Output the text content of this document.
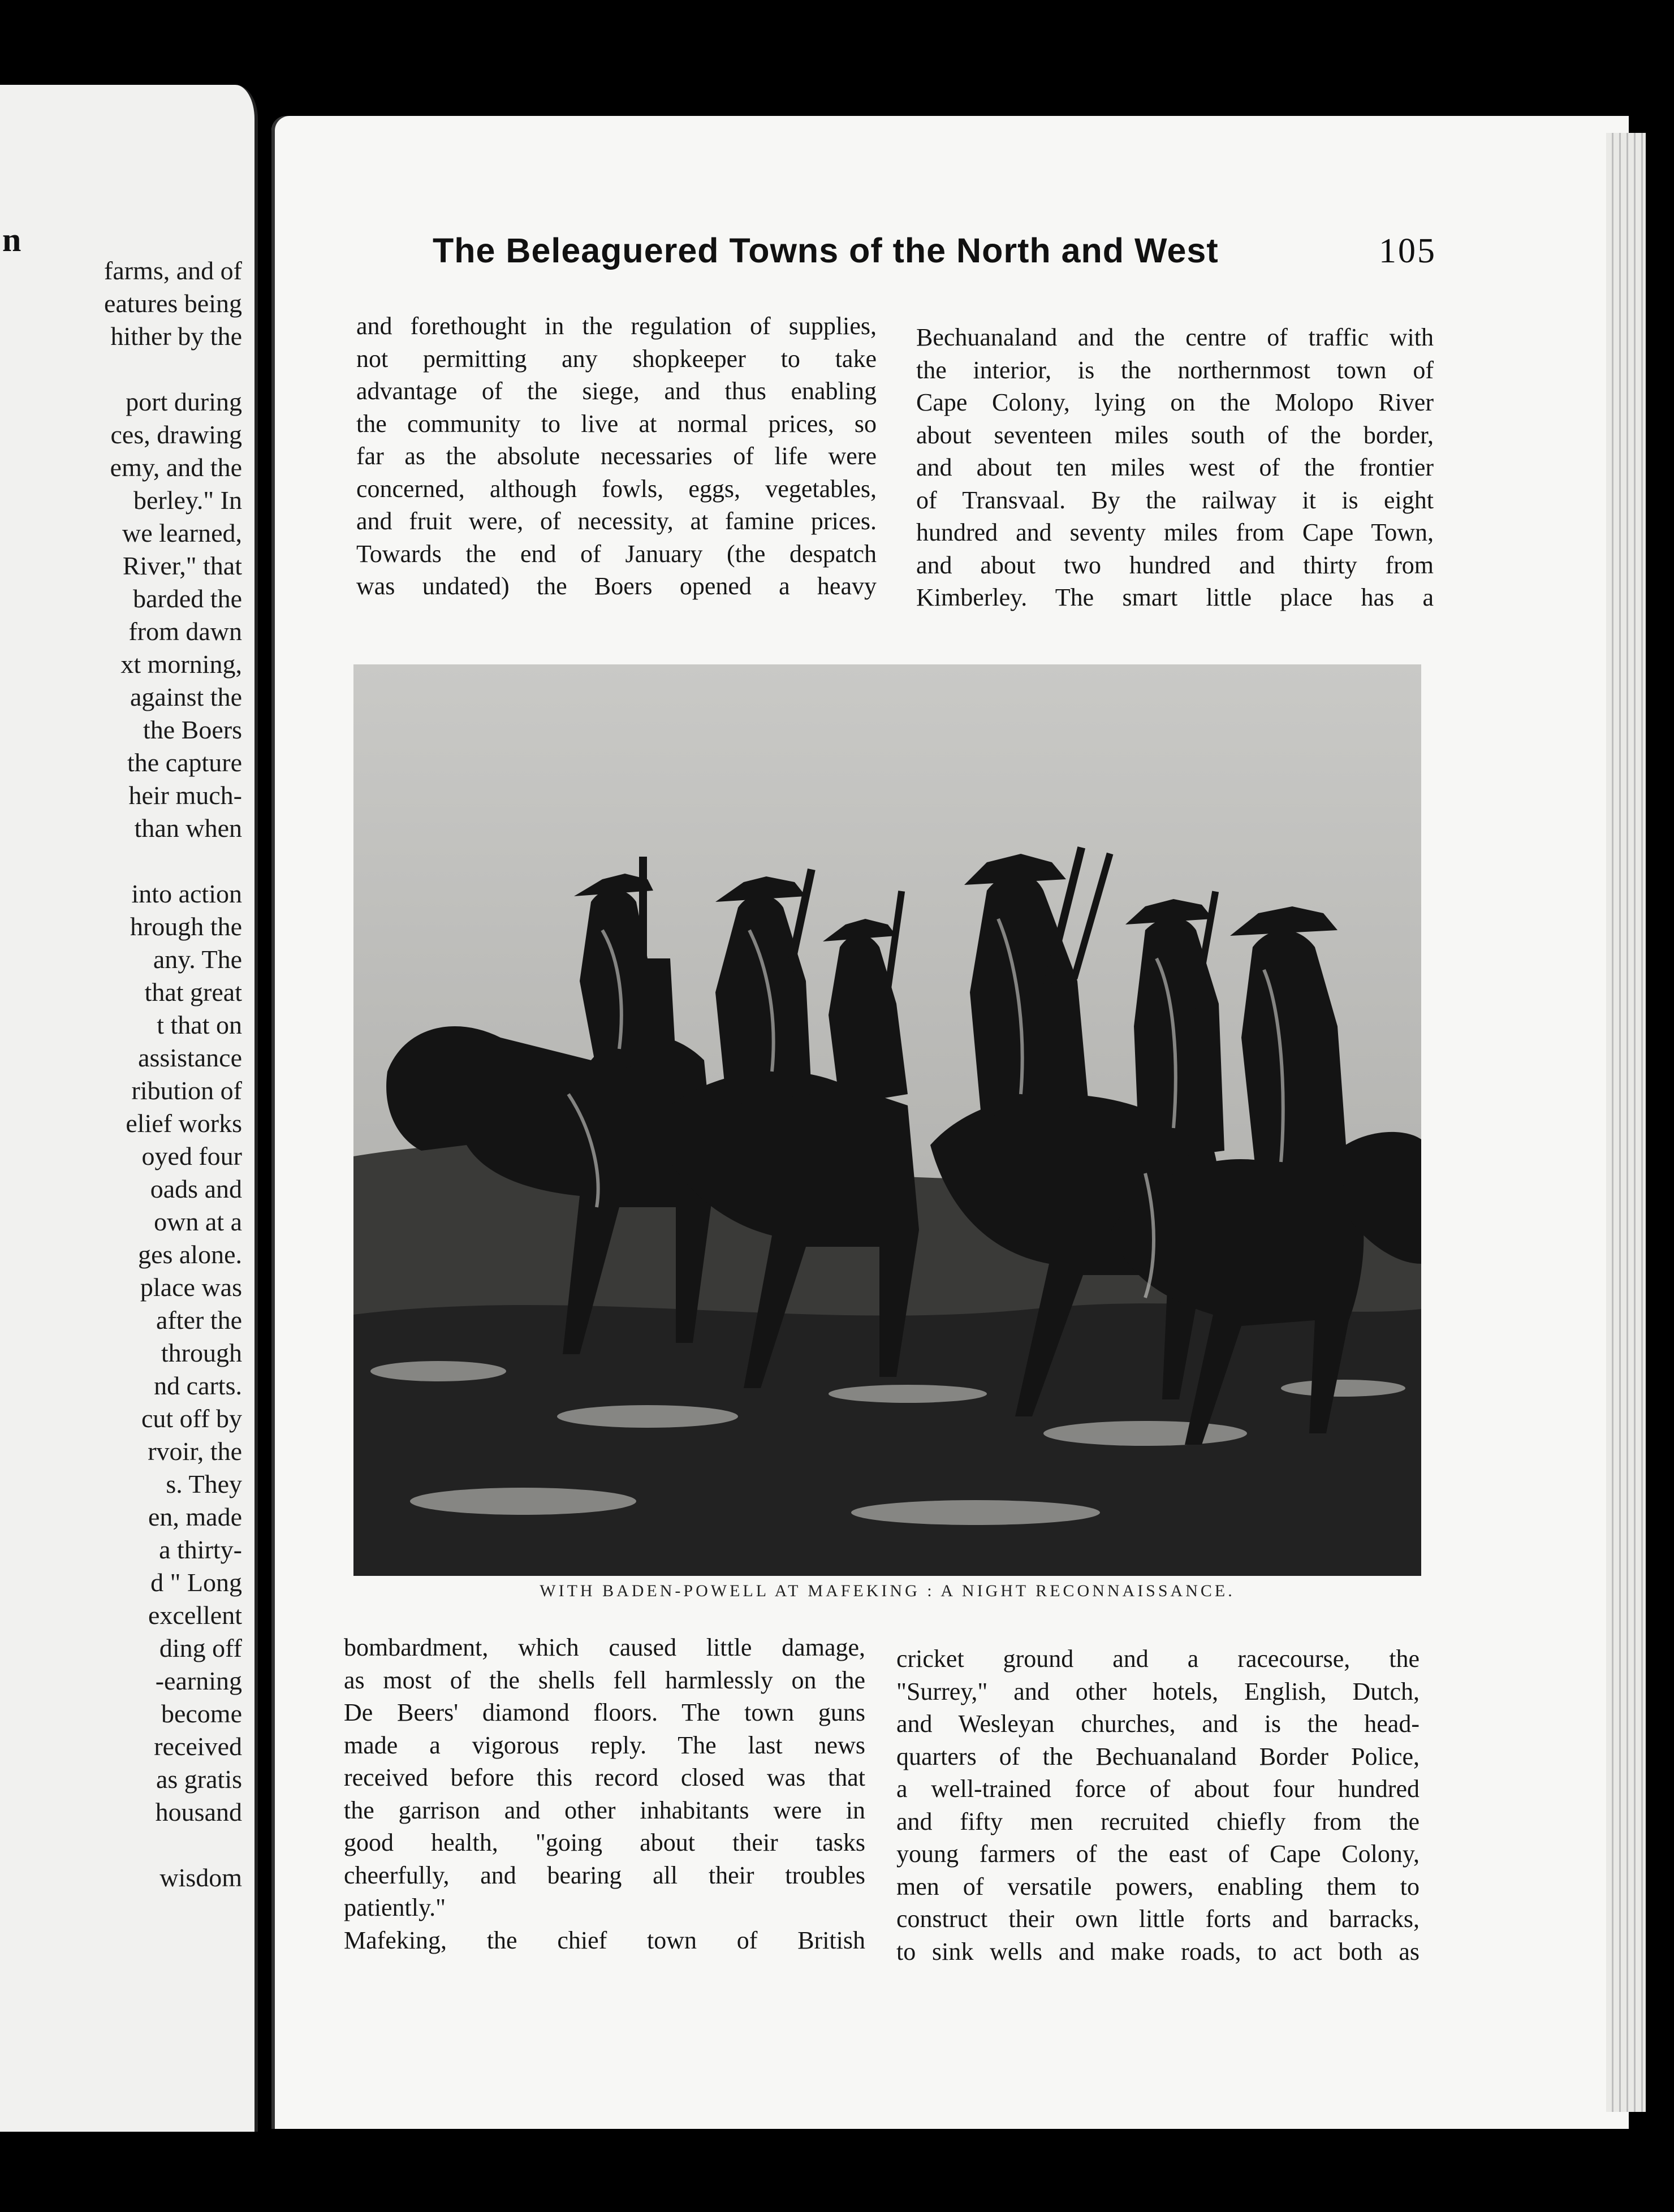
n
farms, and of
eatures being
hither by the
port during
ces, drawing
emy, and the
berley." In
we learned,
River," that
barded the
from dawn
xt morning,
against the
the Boers
the capture
heir much-
than when
into action
hrough the
any. The
that great
t that on
assistance
ribution of
elief works
oyed four
oads and
own at a
ges alone.
place was
after the
through
nd carts.
cut off by
rvoir, the
s. They
en, made
a thirty-
d " Long
excellent
ding off
-earning
become
received
as gratis
housand
wisdom
The Beleaguered Towns of the North and West	105
and forethought in the regulation of supplies,
not permitting any shopkeeper to take
advantage of the siege, and thus enabling
the community to live at normal prices, so
far as the absolute necessaries of life were
concerned, although fowls, eggs, vegetables,
and fruit were, of necessity, at famine prices.
Towards the end of January (the despatch
was undated) the Boers opened a heavy
Bechuanaland and the centre of traffic with
the interior, is the northernmost town of
Cape Colony, lying on the Molopo River
about seventeen miles south of the border,
and about ten miles west of the frontier
of Transvaal. By the railway it is eight
hundred and seventy miles from Cape Town,
and about two hundred and thirty from
Kimberley. The smart little place has a
WITH BADEN-POWELL AT MAFEKING : A NIGHT RECONNAISSANCE.
bombardment, which caused little damage,
as most of the shells fell harmlessly on the
De Beers' diamond floors. The town guns
made a vigorous reply. The last news
received before this record closed was that
the garrison and other inhabitants were in
good health, "going about their tasks
cheerfully, and bearing all their troubles
patiently."
Mafeking, the chief town of British
cricket ground and a racecourse, the
"Surrey," and other hotels, English, Dutch,
and Wesleyan churches, and is the head-
quarters of the Bechuanaland Border Police,
a well-trained force of about four hundred
and fifty men recruited chiefly from the
young farmers of the east of Cape Colony,
men of versatile powers, enabling them to
construct their own little forts and barracks,
to sink wells and make roads, to act both as
